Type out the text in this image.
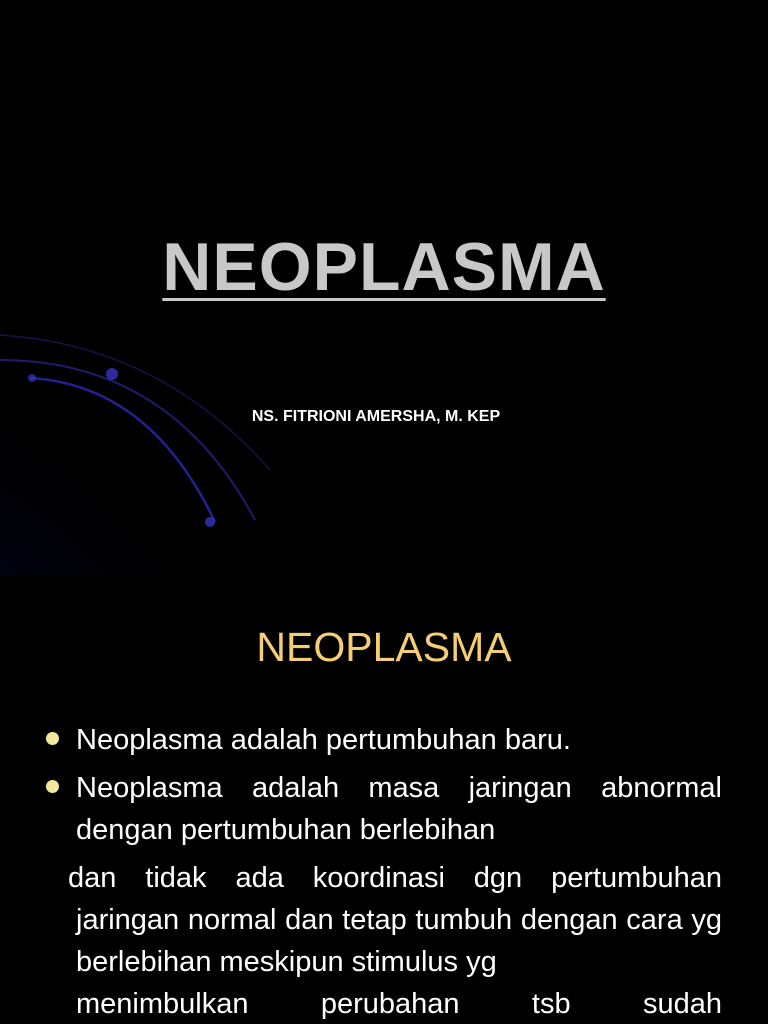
NEOPLASMA

NS. FITRIONI AMERSHA, M. KEP

NEOPLASMA
Neoplasma adalah pertumbuhan baru.
Neoplasma adalah masa jaringan abnormal dengan pertumbuhan berlebihan
dan tidak ada koordinasi dgn pertumbuhan jaringan normal dan tetap tumbuh dengan cara yg berlebihan meskipun stimulus yg
menimbulkan perubahan tsb sudah
